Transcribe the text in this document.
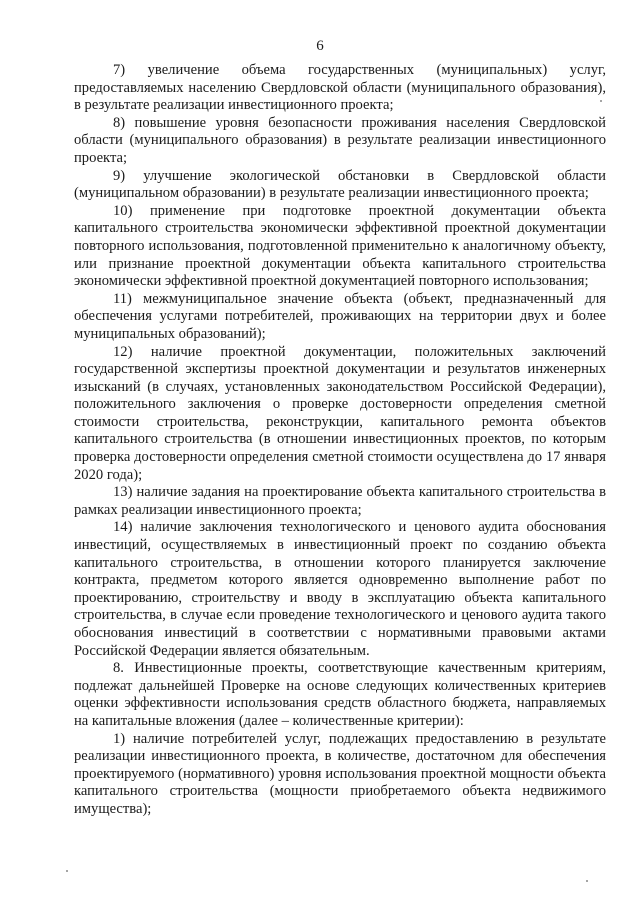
6

7) увеличение объема государственных (муниципальных) услуг, предоставляемых населению Свердловской области (муниципального образования), в результате реализации инвестиционного проекта;

8) повышение уровня безопасности проживания населения Свердловской области (муниципального образования) в результате реализации инвестиционного проекта;

9) улучшение экологической обстановки в Свердловской области (муниципальном образовании) в результате реализации инвестиционного проекта;

10) применение при подготовке проектной документации объекта капитального строительства экономически эффективной проектной документации повторного использования, подготовленной применительно к аналогичному объекту, или признание проектной документации объекта капитального строительства экономически эффективной проектной документацией повторного использования;

11) межмуниципальное значение объекта (объект, предназначенный для обеспечения услугами потребителей, проживающих на территории двух и более муниципальных образований);

12) наличие проектной документации, положительных заключений государственной экспертизы проектной документации и результатов инженерных изысканий (в случаях, установленных законодательством Российской Федерации), положительного заключения о проверке достоверности определения сметной стоимости строительства, реконструкции, капитального ремонта объектов капитального строительства (в отношении инвестиционных проектов, по которым проверка достоверности определения сметной стоимости осуществлена до 17 января 2020 года);

13) наличие задания на проектирование объекта капитального строительства в рамках реализации инвестиционного проекта;

14) наличие заключения технологического и ценового аудита обоснования инвестиций, осуществляемых в инвестиционный проект по созданию объекта капитального строительства, в отношении которого планируется заключение контракта, предметом которого является одновременно выполнение работ по проектированию, строительству и вводу в эксплуатацию объекта капитального строительства, в случае если проведение технологического и ценового аудита такого обоснования инвестиций в соответствии с нормативными правовыми актами Российской Федерации является обязательным.

8. Инвестиционные проекты, соответствующие качественным критериям, подлежат дальнейшей Проверке на основе следующих количественных критериев оценки эффективности использования средств областного бюджета, направляемых на капитальные вложения (далее – количественные критерии):

1) наличие потребителей услуг, подлежащих предоставлению в результате реализации инвестиционного проекта, в количестве, достаточном для обеспечения проектируемого (нормативного) уровня использования проектной мощности объекта капитального строительства (мощности приобретаемого объекта недвижимого имущества);
